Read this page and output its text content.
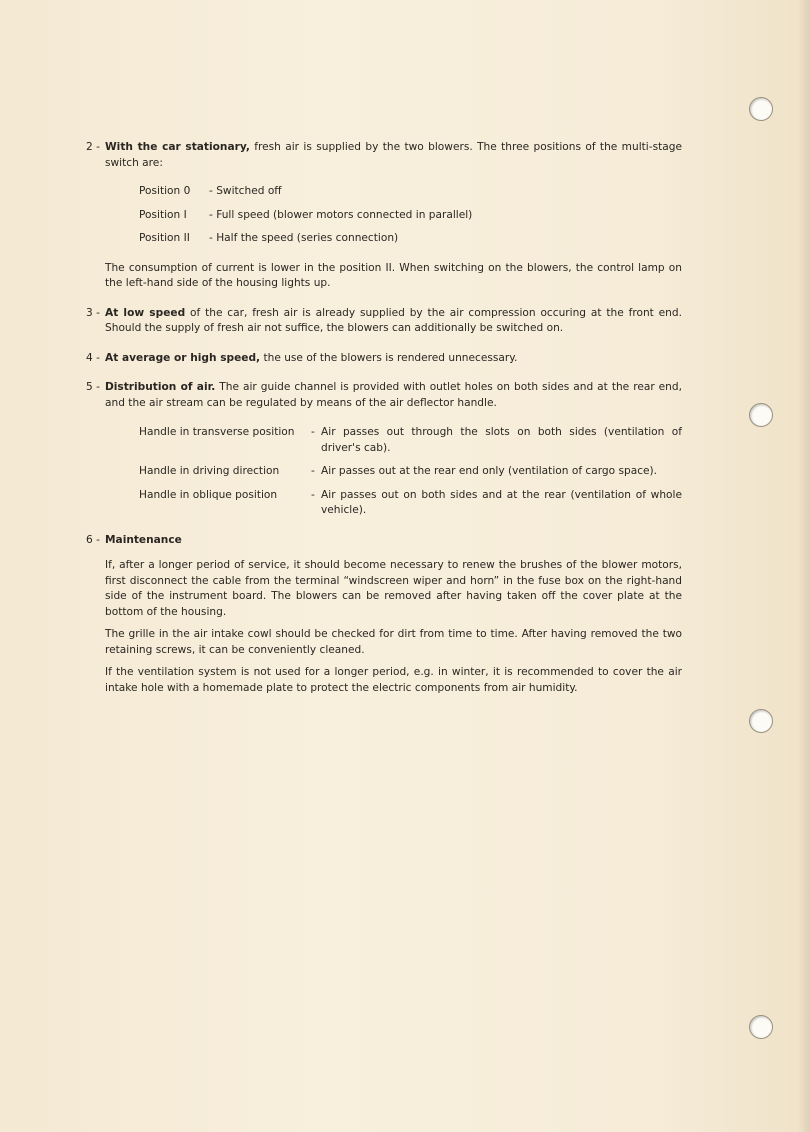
2 - With the car stationary, fresh air is supplied by the two blowers. The three positions of the multi-stage switch are:

Position 0	- Switched off
Position I	- Full speed (blower motors connected in parallel)
Position II	- Half the speed (series connection)

The consumption of current is lower in the position II. When switching on the blowers, the control lamp on the left-hand side of the housing lights up.

3 - At low speed of the car, fresh air is already supplied by the air compression occuring at the front end. Should the supply of fresh air not suffice, the blowers can additionally be switched on.

4 - At average or high speed, the use of the blowers is rendered unnecessary.

5 - Distribution of air. The air guide channel is provided with outlet holes on both sides and at the rear end, and the air stream can be regulated by means of the air deflector handle.

Handle in transverse position	- Air passes out through the slots on both sides (ventilation of driver's cab).
Handle in driving direction	- Air passes out at the rear end only (ventilation of cargo space).
Handle in oblique position	- Air passes out on both sides and at the rear (ventilation of whole vehicle).
6 - Maintenance

If, after a longer period of service, it should become necessary to renew the brushes of the blower motors, first disconnect the cable from the terminal “windscreen wiper and horn” in the fuse box on the right-hand side of the instrument board. The blowers can be removed after having taken off the cover plate at the bottom of the housing.

The grille in the air intake cowl should be checked for dirt from time to time. After having removed the two retaining screws, it can be conveniently cleaned.

If the ventilation system is not used for a longer period, e.g. in winter, it is recommended to cover the air intake hole with a homemade plate to protect the electric components from air humidity.
